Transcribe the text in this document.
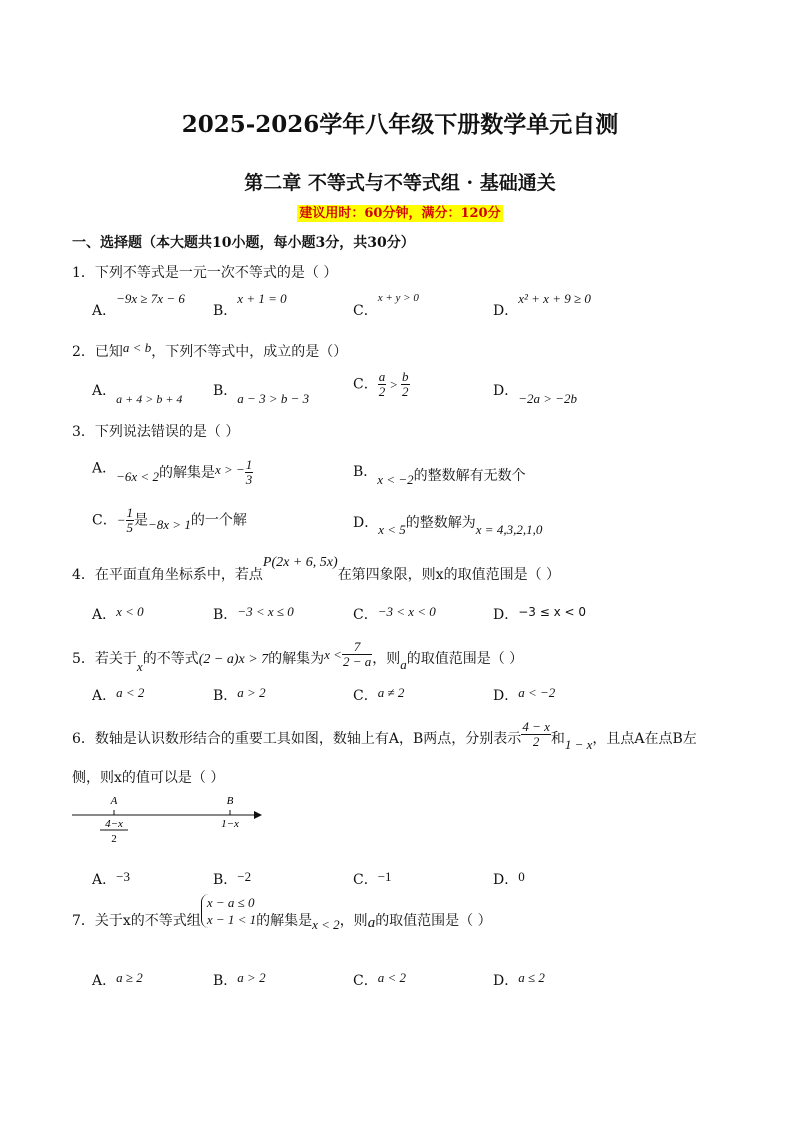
2025-2026学年八年级下册数学单元自测
第二章 不等式与不等式组 · 基础通关
建议用时：60分钟，满分：120分
一、选择题（本大题共10小题，每小题3分，共30分）
1．下列不等式是一元一次不等式的是（ ）
A．−9x ≥ 7x − 6
B．x + 1 = 0
C．$^{x + y > 0}$
D．x² + x + 9 ≥ 0
2．已知a < b，下列不等式中，成立的是（）
A．a + 4 > b + 4 B．a − 3 > b − 3
C． $\frac{a}{2} > \frac{b}{2}$	D．−2a > −2b
3．下列说法错误的是（ ）
A．−6x < 2的解集是x > − $\frac{1}{3}$	B．x < −2的整数解有无数个
C．− $\frac{1}{5}$ 是−8x > 1的一个解	D．x < 5的整数解为x = 4,3,2,1,0
4．在平面直角坐标系中，若点P(2x + 6, 5x)在第四象限，则x的取值范围是（ ）
A．x < 0	B．−3 < x ≤ 0	C．−3 < x < 0	D．−3 ≤ x < 0
5．若关于x的不等式(2 − a)x > 7的解集为$x < \frac{7}{2 - a}$ ，则a的取值范围是（ ）
A．a < 2	B．a > 2	C．a ≠ 2	D．a < −2
6．数轴是认识数形结合的重要工具如图，数轴上有A，B两点，分别表示 $\frac{4 - x}{2}$ 和1 − x，且点A在点B左
侧，则x的值可以是（ ）
A	B
4−x
2
1−x
A．−3	B．−2	C．−1	D．0
7．关于x的不等式组
x − a ≤ 0
x − 1 < 1 的解集是x < 2，则a的取值范围是（ ）
A．a ≥ 2	B．a > 2	C．a < 2	D．a ≤ 2
